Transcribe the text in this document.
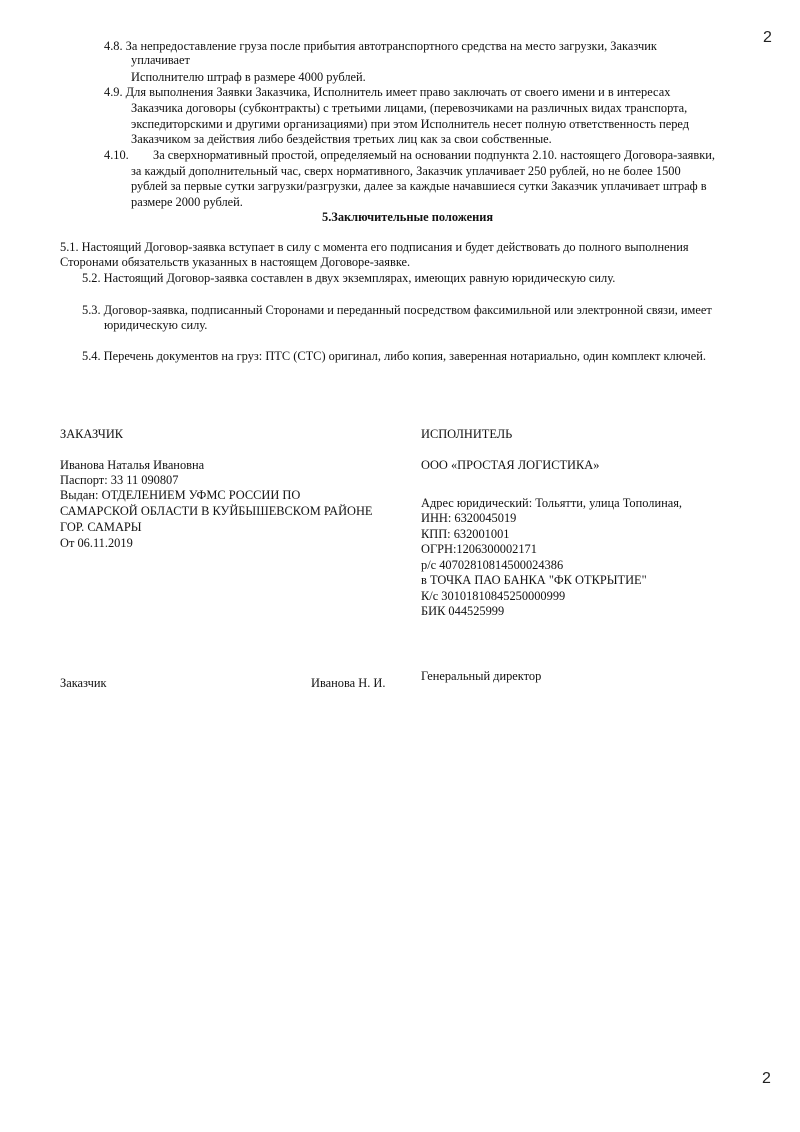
2
4.8. За непредоставление груза после прибытия автотранспортного средства на место загрузки, Заказчик
уплачивает
Исполнителю штраф в размере 4000 рублей.
4.9. Для выполнения Заявки Заказчика, Исполнитель имеет право заключать от своего имени и в интересах
Заказчика договоры (субконтракты) с третьими лицами, (перевозчиками на различных видах транспорта,
экспедиторскими и другими организациями) при этом Исполнитель несет полную ответственность перед
Заказчиком за действия либо бездействия третьих лиц как за свои собственные.
4.10. За сверхнормативный простой, определяемый на основании подпункта 2.10. настоящего Договора-заявки,
за каждый дополнительный час, сверх нормативного, Заказчик уплачивает 250 рублей, но не более 1500
рублей за первые сутки загрузки/разгрузки, далее за каждые начавшиеся сутки Заказчик уплачивает штраф в
размере 2000 рублей.
5.Заключительные положения
5.1. Настоящий Договор-заявка вступает в силу с момента его подписания и будет действовать до полного выполнения
Сторонами обязательств указанных в настоящем Договоре-заявке.
5.2. Настоящий Договор-заявка составлен в двух экземплярах, имеющих равную юридическую силу.
5.3. Договор-заявка, подписанный Сторонами и переданный посредством факсимильной или электронной связи, имеет
юридическую силу.
5.4. Перечень документов на груз: ПТС (СТС) оригинал, либо копия, заверенная нотариально, один комплект ключей.
ЗАКАЗЧИК
Иванова Наталья Ивановна
Паспорт: 33 11 090807
Выдан: ОТДЕЛЕНИЕМ УФМС РОССИИ ПО
САМАРСКОЙ ОБЛАСТИ В КУЙБЫШЕВСКОМ РАЙОНЕ
ГОР. САМАРЫ
От 06.11.2019
ИСПОЛНИТЕЛЬ
ООО «ПРОСТАЯ ЛОГИСТИКА»
Адрес юридический: Тольятти, улица Тополиная,
ИНН: 6320045019
КПП: 632001001
ОГРН:1206300002171
р/с 40702810814500024386
в ТОЧКА ПАО БАНКА "ФК ОТКРЫТИЕ"
К/с 30101810845250000999
БИК 044525999
Заказчик	Иванова Н. И.	Генеральный директор
2
